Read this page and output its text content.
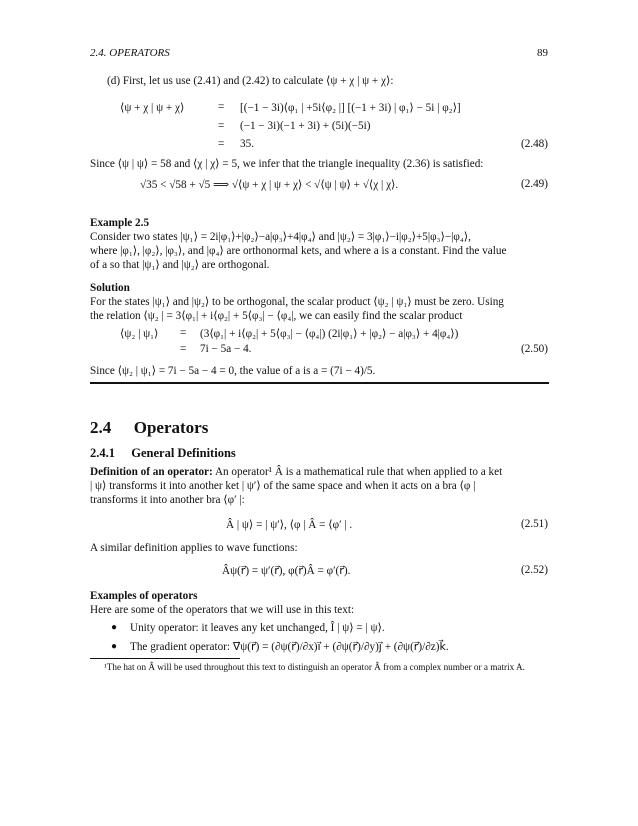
2.4. OPERATORS	89
(d) First, let us use (2.41) and (2.42) to calculate ⟨ψ + χ | ψ + χ⟩:
⟨ψ + χ | ψ + χ⟩	= [(−1 − 3i)⟨φ₁ | +5i⟨φ₂ |] [(−1 + 3i) | φ₁⟩ − 5i | φ₂⟩]
= (−1 − 3i)(−1 + 3i) + (5i)(−5i)
= 35.	(2.48)
Since ⟨ψ | ψ⟩ = 58 and ⟨χ | χ⟩ = 5, we infer that the triangle inequality (2.36) is satisfied:
√35 < √58 + √5 ⟹ √⟨ψ + χ | ψ + χ⟩ < √⟨ψ | ψ⟩ + √⟨χ | χ⟩.	(2.49)
Example 2.5
Consider two states |ψ₁⟩ = 2i|φ₁⟩+|φ₂⟩−a|φ₃⟩+4|φ₄⟩ and |ψ₂⟩ = 3|φ₁⟩−i|φ₂⟩+5|φ₃⟩−|φ₄⟩,
where |φ₁⟩, |φ₂⟩, |φ₃⟩, and |φ₄⟩ are orthonormal kets, and where a is a constant. Find the value
of a so that |ψ₁⟩ and |ψ₂⟩ are orthogonal.
Solution
For the states |ψ₁⟩ and |ψ₂⟩ to be orthogonal, the scalar product ⟨ψ₂ | ψ₁⟩ must be zero. Using
the relation ⟨ψ₂ | = 3⟨φ₁| + i⟨φ₂| + 5⟨φ₃| − ⟨φ₄|, we can easily find the scalar product
⟨ψ₂ | ψ₁⟩ = (3⟨φ₁| + i⟨φ₂| + 5⟨φ₃| − ⟨φ₄|) (2i|φ₁⟩ + |φ₂⟩ − a|φ₃⟩ + 4|φ₄⟩)
= 7i − 5a − 4.	(2.50)
Since ⟨ψ₂ | ψ₁⟩ = 7i − 5a − 4 = 0, the value of a is a = (7i − 4)/5.
2.4 Operators
2.4.1 General Definitions
Definition of an operator: An operator¹ Â is a mathematical rule that when applied to a ket
| ψ⟩ transforms it into another ket | ψ′⟩ of the same space and when it acts on a bra ⟨φ |
transforms it into another bra ⟨φ′ |:
Â | ψ⟩ = | ψ′⟩, ⟨φ | Â = ⟨φ′ | .	(2.51)
A similar definition applies to wave functions:
Âψ(r⃗) = ψ′(r⃗), φ(r⃗)Â = φ′(r⃗).	(2.52)
Examples of operators
Here are some of the operators that we will use in this text:
● Unity operator: it leaves any ket unchanged, Î | ψ⟩ = | ψ⟩.
● The gradient operator: ∇⃗ψ(r⃗) = (∂ψ(r⃗)/∂x)i⃗ + (∂ψ(r⃗)/∂y)j⃗ + (∂ψ(r⃗)/∂z)k⃗.
¹The hat on Â will be used throughout this text to distinguish an operator Â from a complex number or a matrix A.
